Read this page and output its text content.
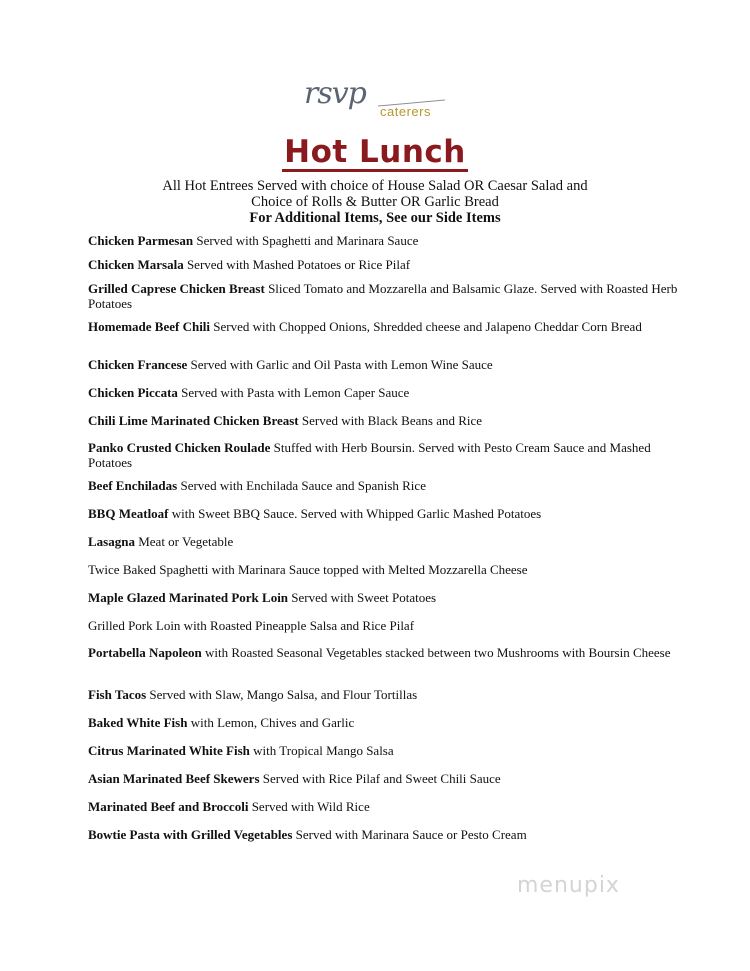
rsvp
caterers
Hot Lunch
All Hot Entrees Served with choice of House Salad OR Caesar Salad and
Choice of Rolls & Butter OR Garlic Bread
For Additional Items, See our Side Items
Chicken Parmesan Served with Spaghetti and Marinara Sauce
Chicken Marsala Served with Mashed Potatoes or Rice Pilaf
Grilled Caprese Chicken Breast Sliced Tomato and Mozzarella and Balsamic Glaze. Served with Roasted Herb Potatoes
Homemade Beef Chili Served with Chopped Onions, Shredded cheese and Jalapeno Cheddar Corn Bread
Chicken Francese Served with Garlic and Oil Pasta with Lemon Wine Sauce
Chicken Piccata Served with Pasta with Lemon Caper Sauce
Chili Lime Marinated Chicken Breast Served with Black Beans and Rice
Panko Crusted Chicken Roulade Stuffed with Herb Boursin. Served with Pesto Cream Sauce and Mashed Potatoes
Beef Enchiladas Served with Enchilada Sauce and Spanish Rice
BBQ Meatloaf with Sweet BBQ Sauce. Served with Whipped Garlic Mashed Potatoes
Lasagna Meat or Vegetable
Twice Baked Spaghetti with Marinara Sauce topped with Melted Mozzarella Cheese
Maple Glazed Marinated Pork Loin Served with Sweet Potatoes
Grilled Pork Loin with Roasted Pineapple Salsa and Rice Pilaf
Portabella Napoleon with Roasted Seasonal Vegetables stacked between two Mushrooms with Boursin Cheese
Fish Tacos Served with Slaw, Mango Salsa, and Flour Tortillas
Baked White Fish with Lemon, Chives and Garlic
Citrus Marinated White Fish with Tropical Mango Salsa
Asian Marinated Beef Skewers Served with Rice Pilaf and Sweet Chili Sauce
Marinated Beef and Broccoli Served with Wild Rice
Bowtie Pasta with Grilled Vegetables Served with Marinara Sauce or Pesto Cream
menupix
